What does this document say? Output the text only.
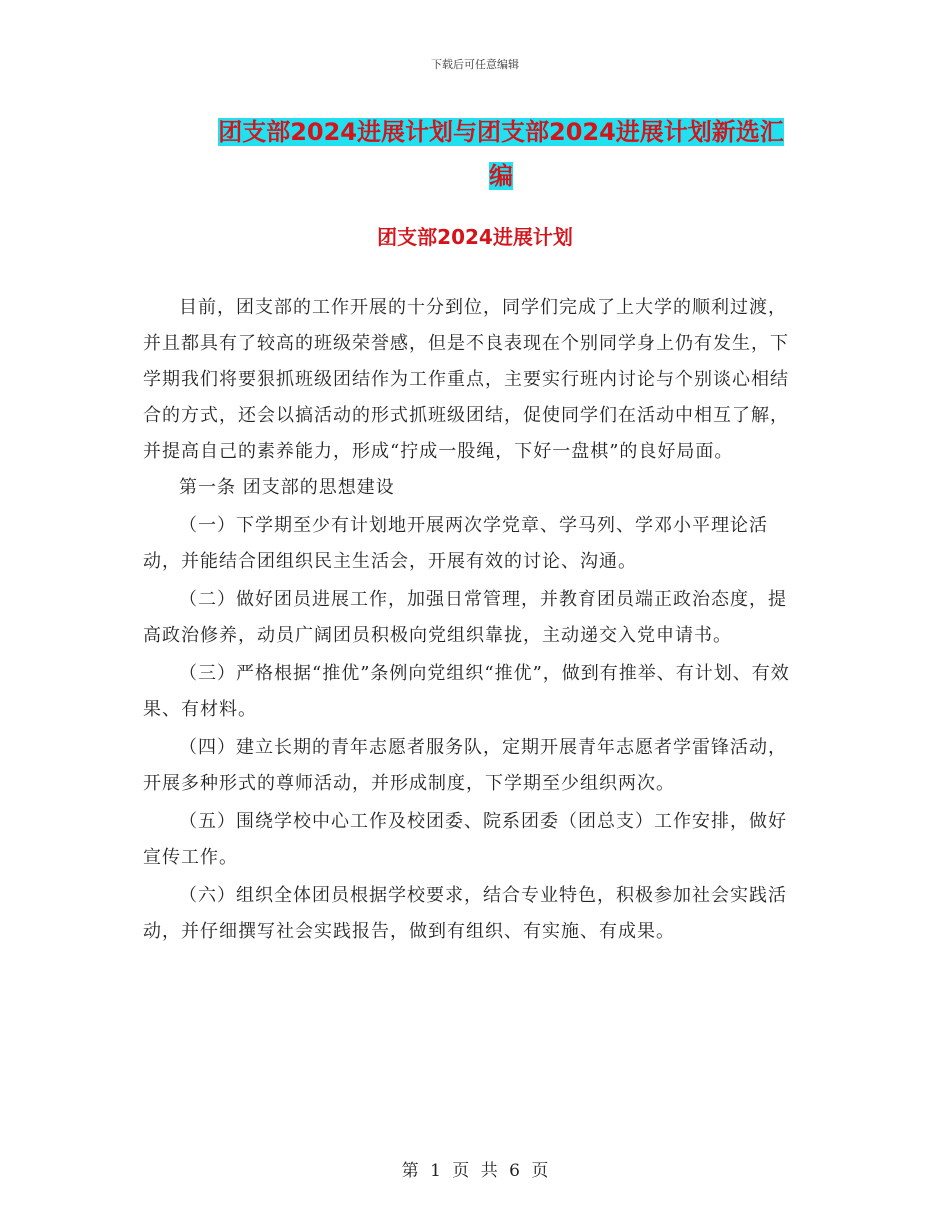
下载后可任意编辑
团支部2024进展计划与团支部2024进展计划新选汇
编
团支部2024进展计划

目前，团支部的工作开展的十分到位，同学们完成了上大学的顺利过渡，并且都具有了较高的班级荣誉感，但是不良表现在个别同学身上仍有发生，下学期我们将要狠抓班级团结作为工作重点，主要实行班内讨论与个别谈心相结合的方式，还会以搞活动的形式抓班级团结，促使同学们在活动中相互了解，并提高自己的素养能力，形成“拧成一股绳，下好一盘棋”的良好局面。

第一条 团支部的思想建设

（一）下学期至少有计划地开展两次学党章、学马列、学邓小平理论活动，并能结合团组织民主生活会，开展有效的讨论、沟通。

（二）做好团员进展工作，加强日常管理，并教育团员端正政治态度，提高政治修养，动员广阔团员积极向党组织靠拢，主动递交入党申请书。

（三）严格根据“推优”条例向党组织“推优”，做到有推举、有计划、有效果、有材料。

（四）建立长期的青年志愿者服务队，定期开展青年志愿者学雷锋活动，开展多种形式的尊师活动，并形成制度，下学期至少组织两次。

（五）围绕学校中心工作及校团委、院系团委（团总支）工作安排，做好宣传工作。

（六）组织全体团员根据学校要求，结合专业特色，积极参加社会实践活动，并仔细撰写社会实践报告，做到有组织、有实施、有成果。

第 1 页 共 6 页
